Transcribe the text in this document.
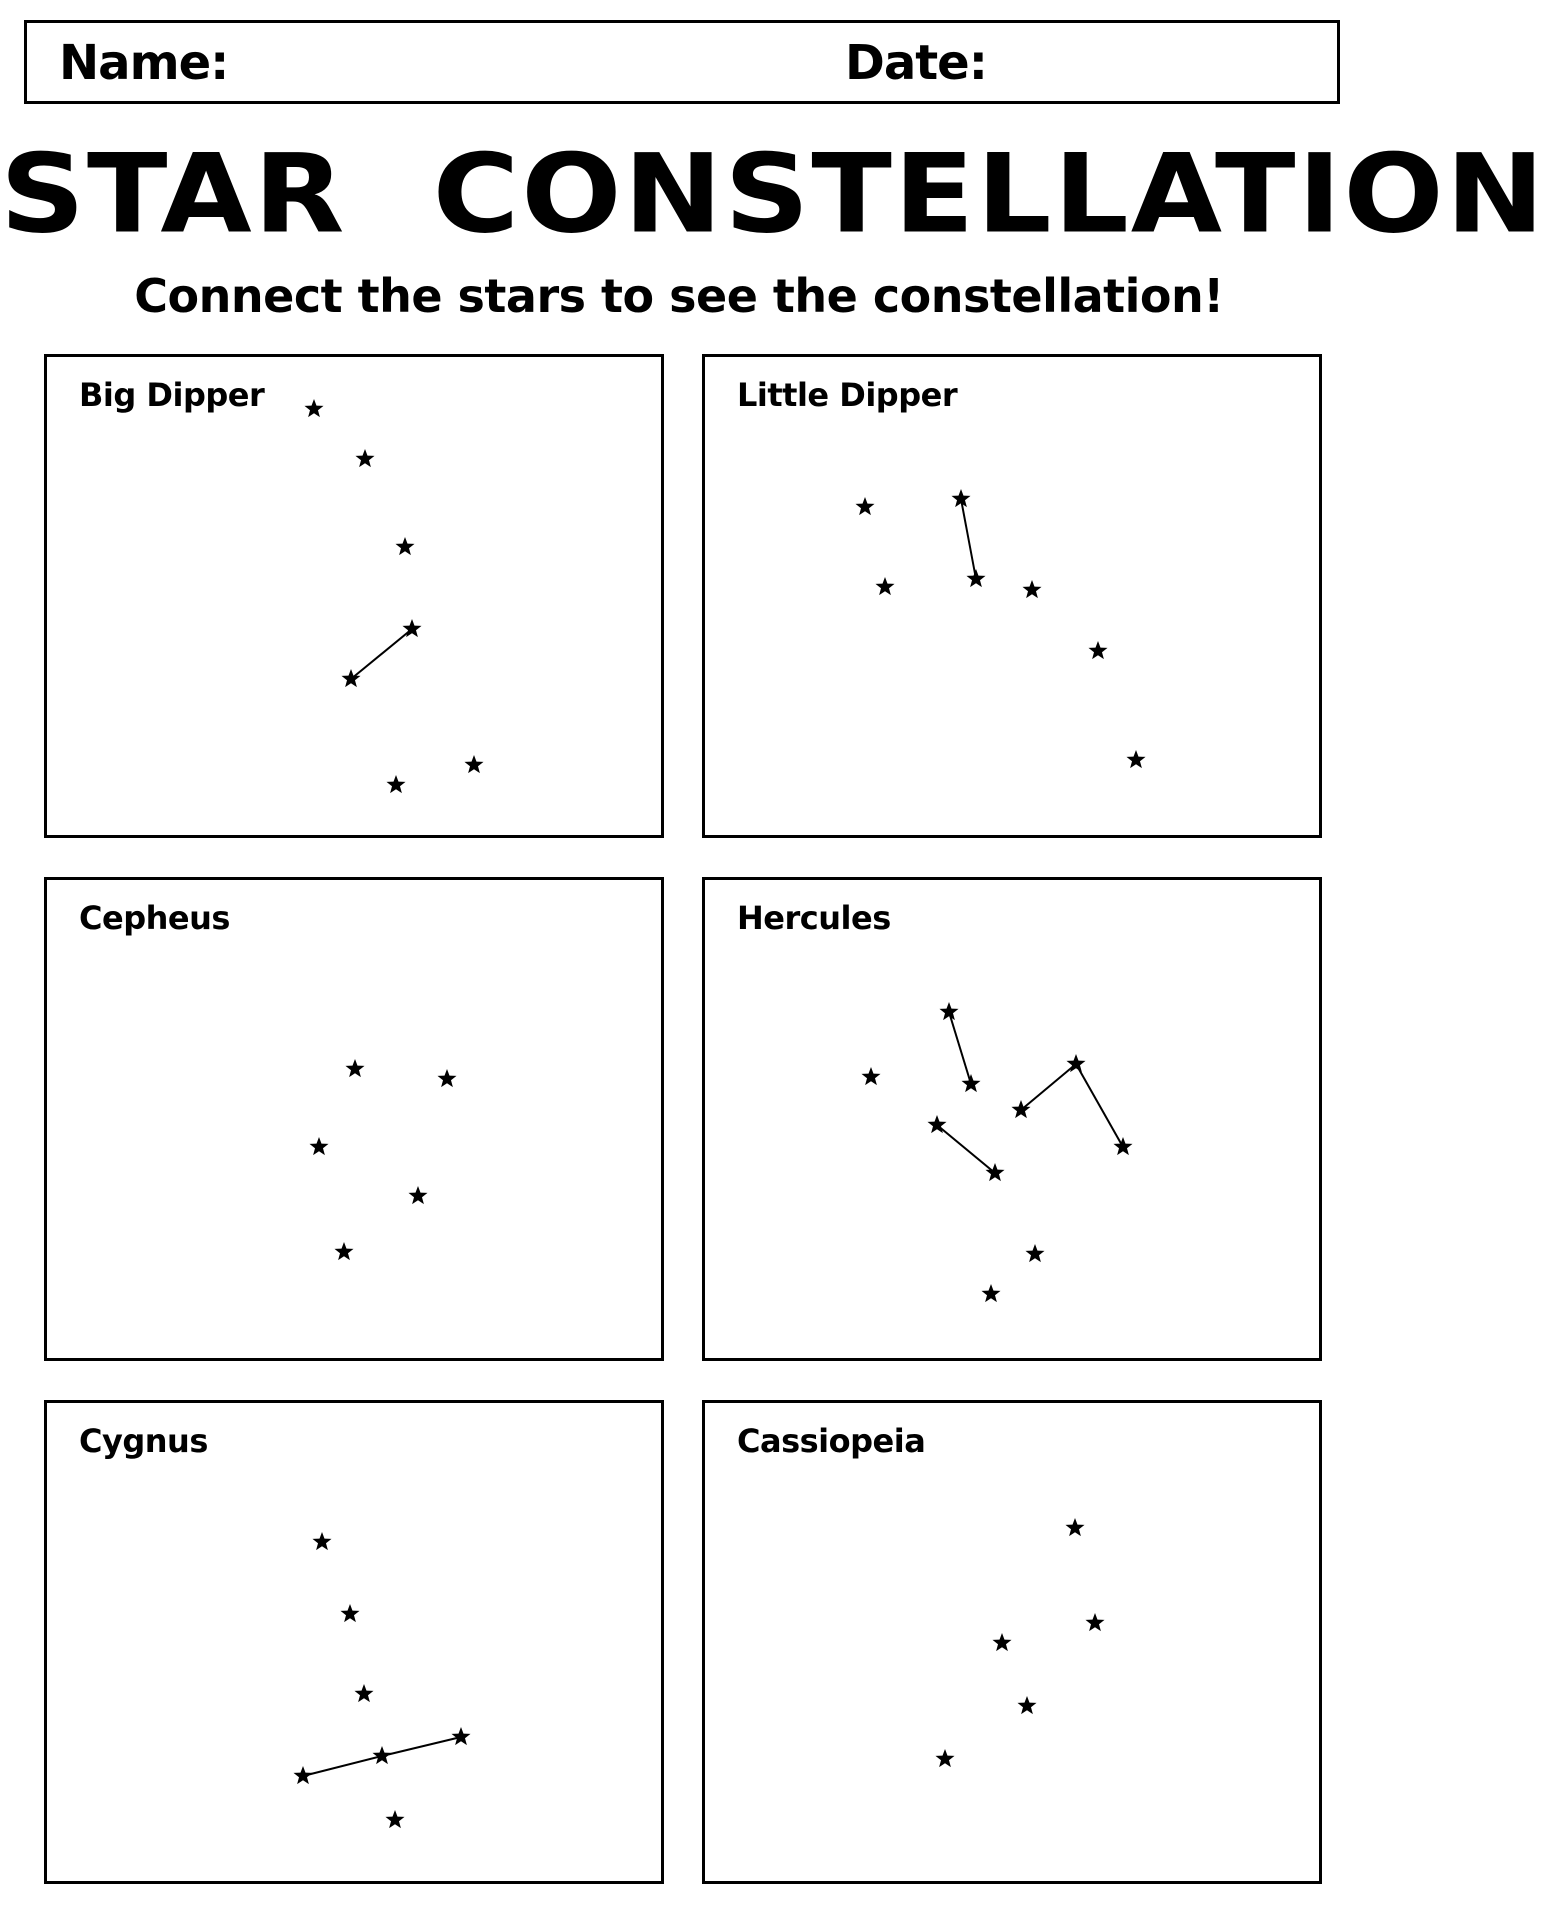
Name:	Date:
STAR  CONSTELLATION
Connect the stars to see the constellation!
Big Dipper	Little Dipper
Cepheus	Hercules
Cygnus	Cassiopeia
